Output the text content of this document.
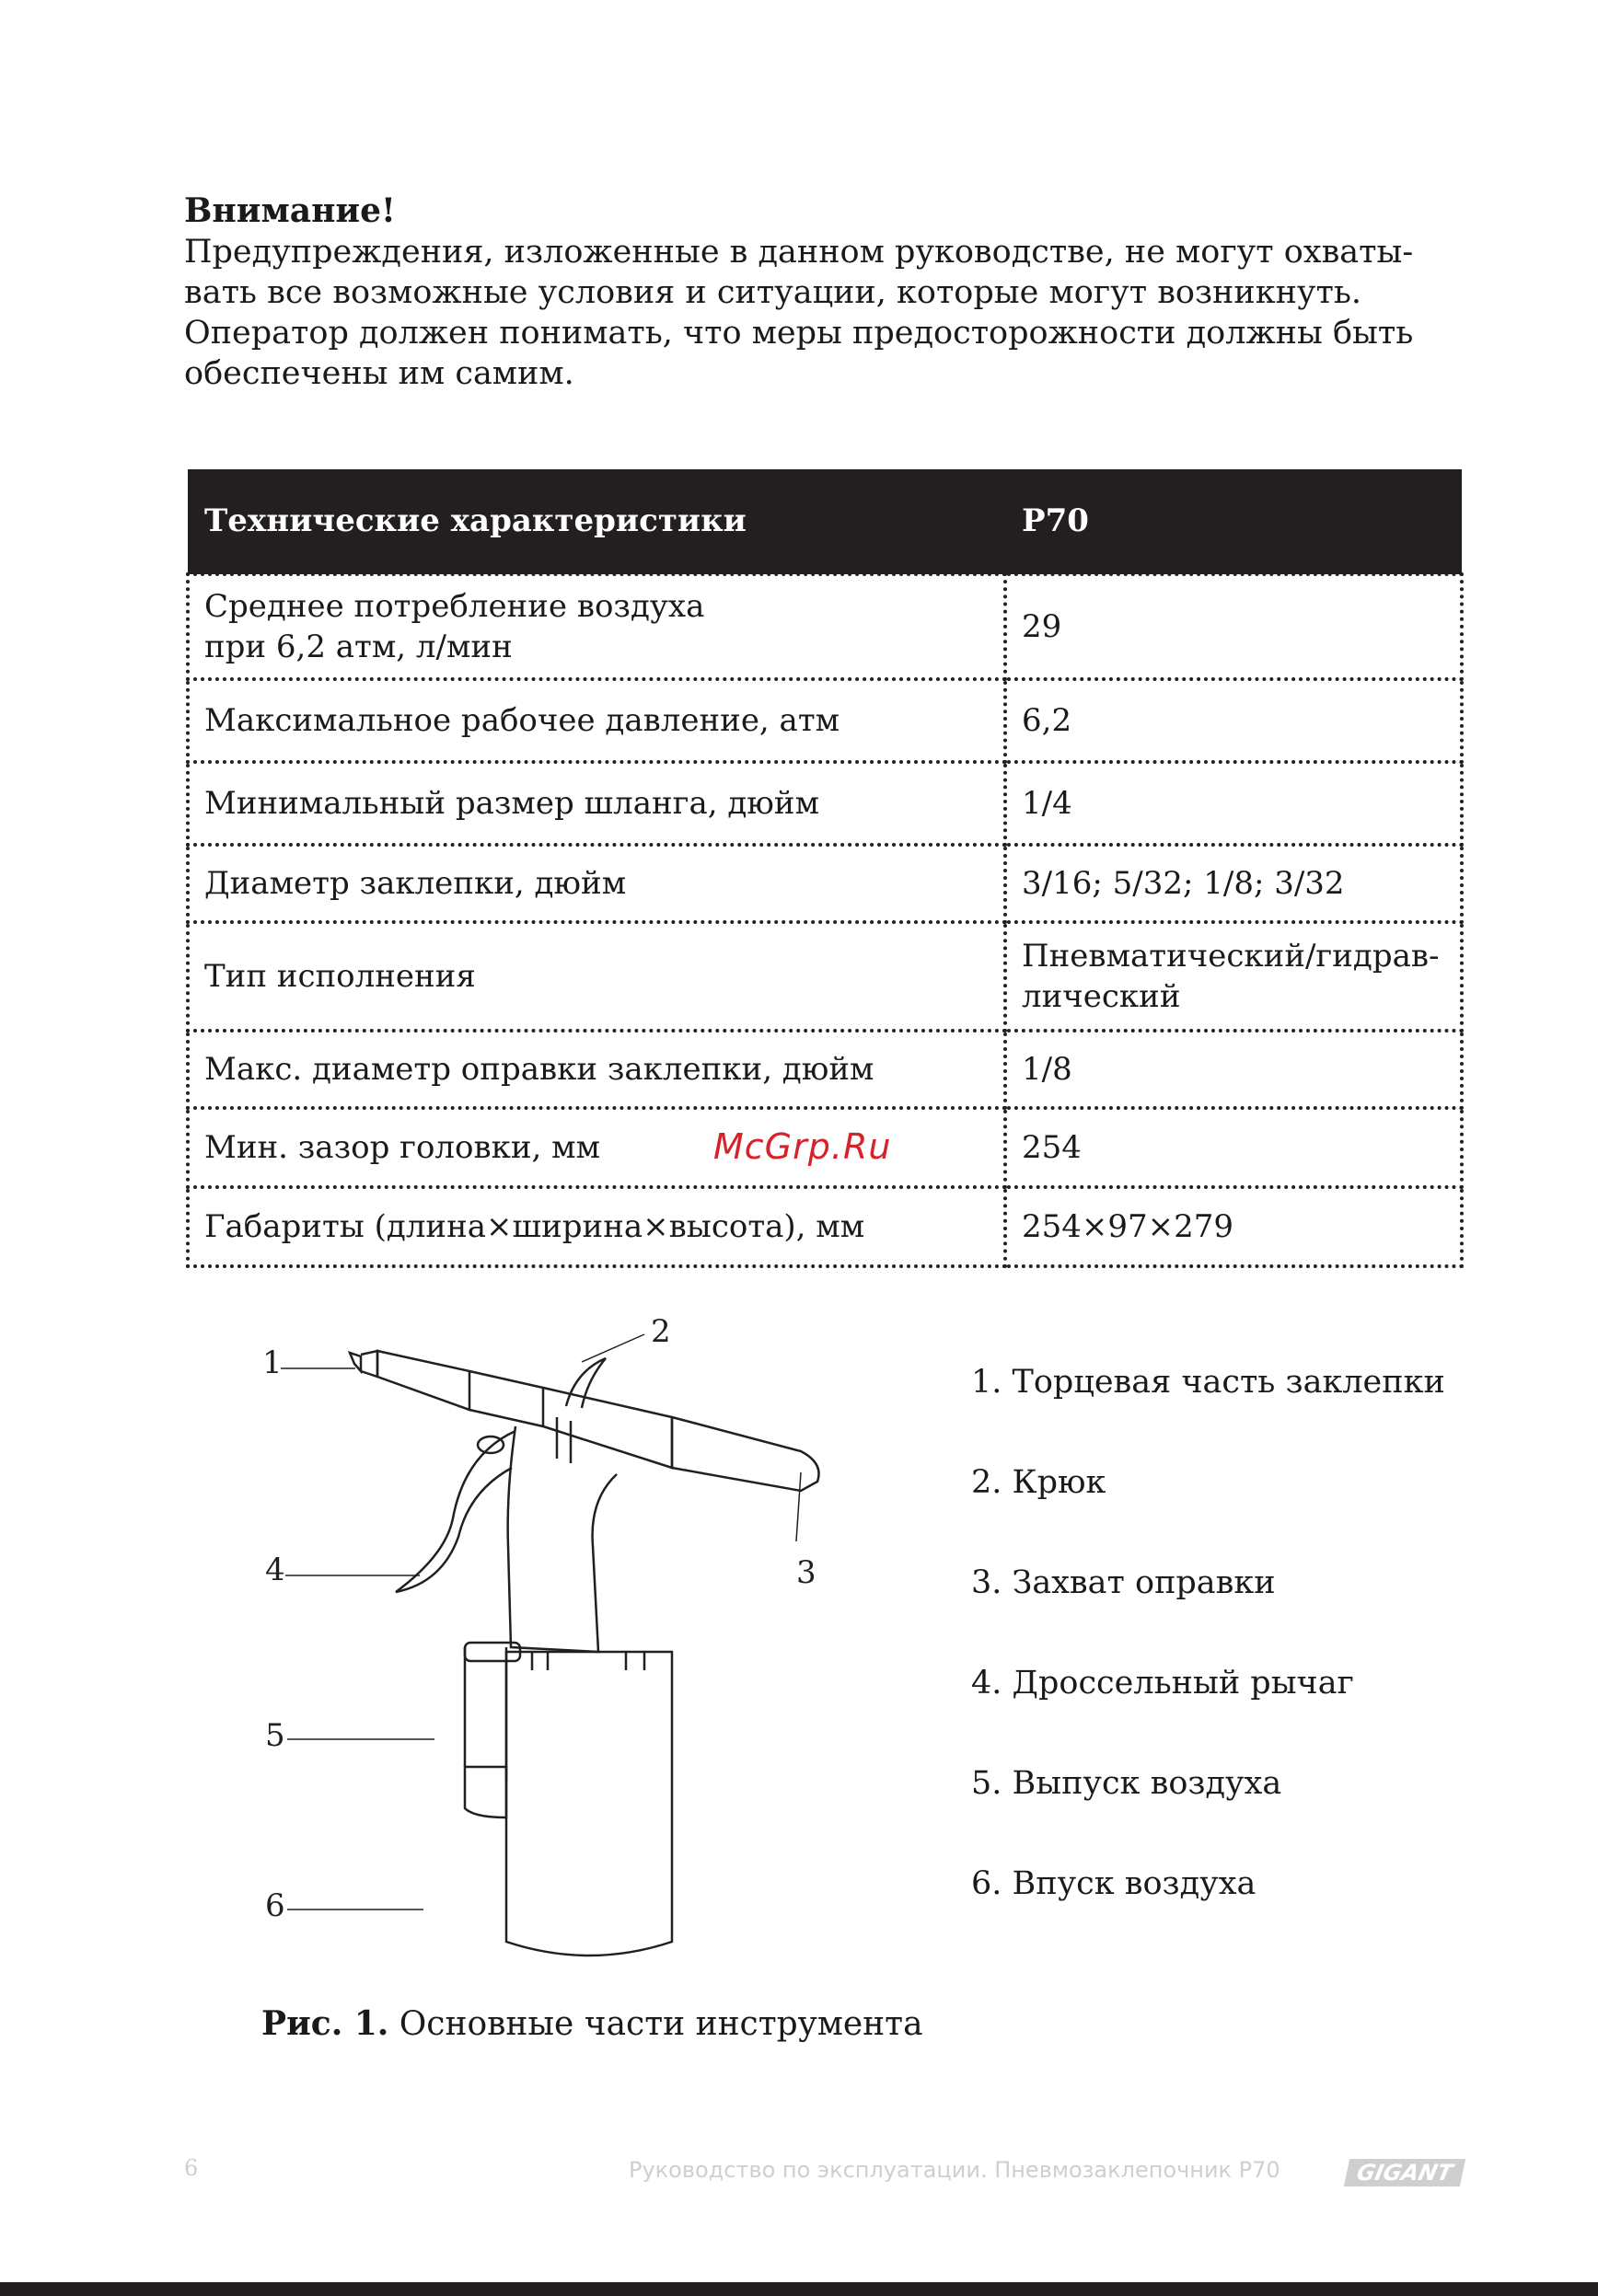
Внимание!

Предупреждения, изложенные в данном руководстве, не могут охваты-
вать все возможные условия и ситуации, которые могут возникнуть.
Оператор должен понимать, что меры предосторожности должны быть
обеспечены им самим.

Технические характеристики	P70
Среднее потребление воздуха
при 6,2 атм, л/мин	29
Максимальное рабочее давление, атм	6,2
Минимальный размер шланга, дюйм	1/4
Диаметр заклепки, дюйм	3/16; 5/32; 1/8; 3/32
Тип исполнения	Пневматический/гидрав-
лический
Макс. диаметр оправки заклепки, дюйм	1/8
Мин. зазор головки, мм	254
Габариты (длина×ширина×высота), мм	254×97×279
McGrp.Ru
1
2
3
4
5
6
1. Торцевая часть заклепки
2. Крюк
3. Захват оправки
4. Дроссельный рычаг
5. Выпуск воздуха
6. Впуск воздуха

Рис. 1. Основные части инструмента

6	Руководство по эксплуатации. Пневмозаклепочник P70	GIGANT
